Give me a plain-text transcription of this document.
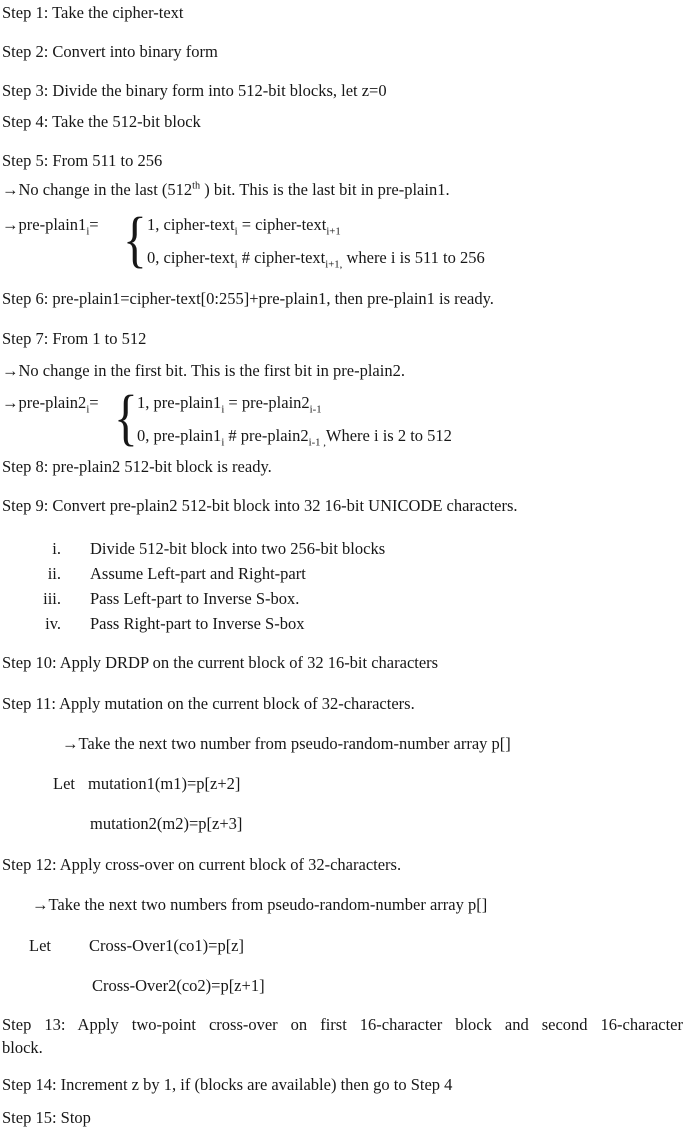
Step 1: Take the cipher-text

Step 2: Convert into binary form

Step 3: Divide the binary form into 512-bit blocks, let z=0

Step 4: Take the 512-bit block

Step 5: From 511 to 256

→No change in the last (512th ) bit. This is the last bit in pre-plain1.

$\to pre-plain1_i=$ { 1, cipher-text$_i$ = cipher-text$_{i+1}$

0, cipher-text$_i$ # cipher-text$_{i+1,}$ where i is 511 to 256

Step 6: pre-plain1=cipher-text[0:255]+pre-plain1, then pre-plain1 is ready.

Step 7: From 1 to 512

→No change in the first bit. This is the first bit in pre-plain2.

$\to pre-plain2_i=$ { 1, pre-$plain1_i$ = pre-$plain2_{i-1}$

0, pre-$plain1_i$ # pre-$plain2_{i-1 ,}Where$ i is 2 to 512

Step 8: pre-plain2 512-bit block is ready.

Step 9: Convert pre-plain2 512-bit block into 32 16-bit UNICODE characters.

i. Divide 512-bit block into two 256-bit blocks

ii. Assume Left-part and Right-part

iii. Pass Left-part to Inverse S-box.

iv. Pass Right-part to Inverse S-box

Step 10: Apply DRDP on the current block of 32 16-bit characters

Step 11: Apply mutation on the current block of 32-characters.

→Take the next two number from pseudo-random-number array p[]

Let mutation1(m1)=p[z+2]

mutation2(m2)=p[z+3]

Step 12: Apply cross-over on current block of 32-characters.

→Take the next two numbers from pseudo-random-number array p[]

Let Cross-Over1(co1)=p[z]

Cross-Over2(co2)=p[z+1]

Step 13: Apply two-point cross-over on first 16-character block and second 16-character

block.

Step 14: Increment z by 1, if (blocks are available) then go to Step 4

Step 15: Stop
